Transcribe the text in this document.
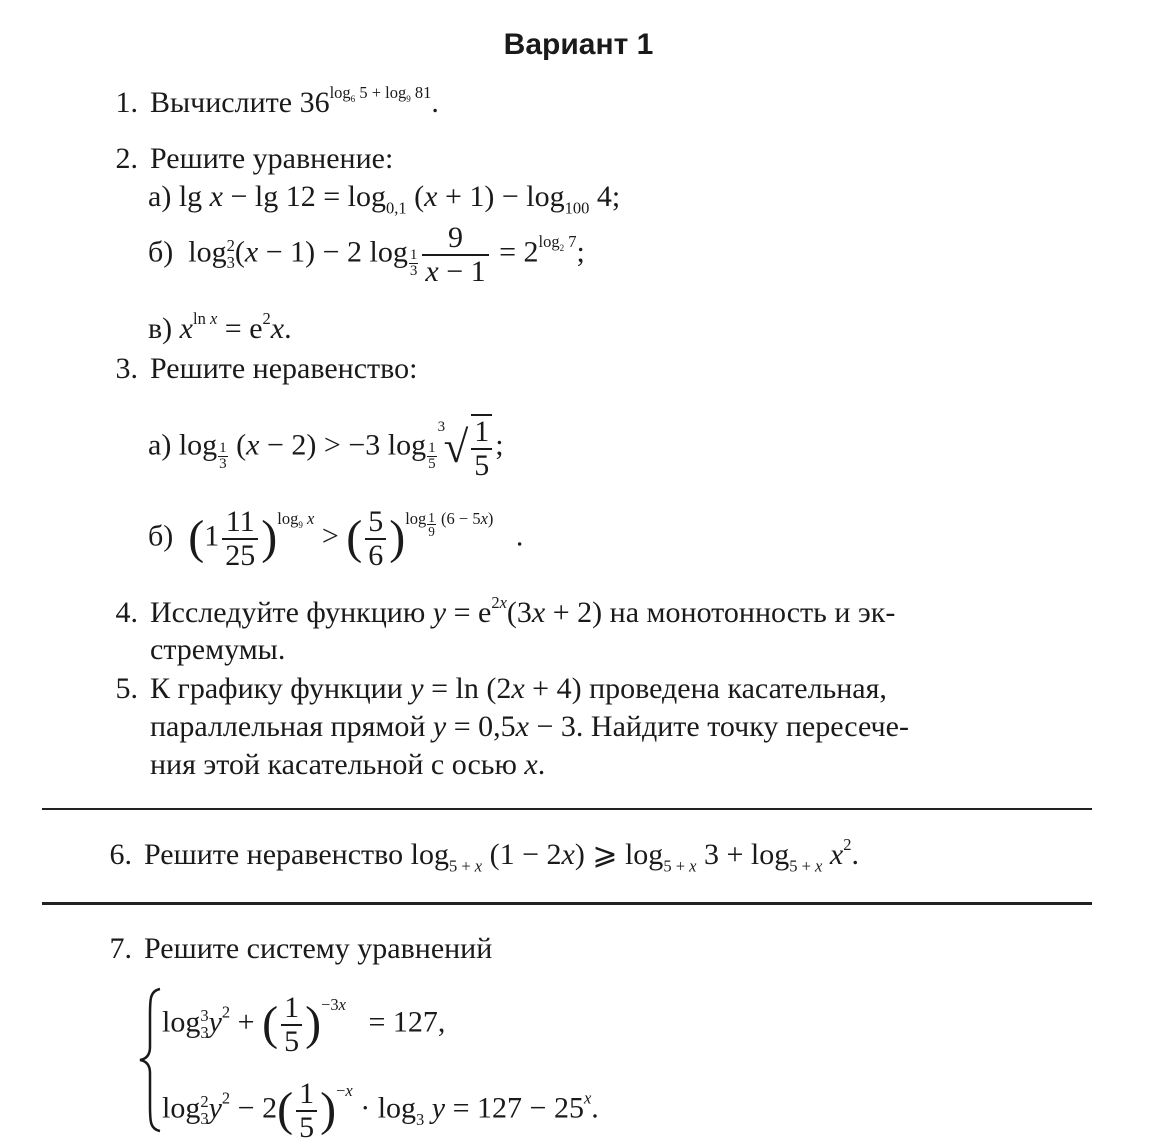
Вариант 1
1. Вычислите $36^{log_6 5 + log_9 81}$.
2. Решите уравнение:
а) $\lg x - \lg 12 = \log_{0,1} (x + 1) - \log_{100} 4$;
б) log 2
3 (x − 1) − 2 $\log \frac{1}{3} \frac{9}{x - 1} = 2^{log_2 7}$;
в) $x^{ln x} = e^2x$.
3. Решите неравенство:
а) $\log \frac{1}{3} (x - 2) > -3$ $\log \frac{1}{5}$
3
√ $\frac{1}{5}$ ;
б) $(1 \frac{11}{25} )^{log_9 x}$ > ( $\frac{5}{6} )^{log \frac{1}{9} (6 - 5x)}$   .
4. Исследуйте функцию $y = e^{2x}(3x + 2)$ на монотонность и эк-
стремумы.
5. К графику функции y = ln (2x + 4) проведена касательная,
параллельная прямой y = 0,5x − 3. Найдите точку пересече-
ния этой касательной с осью x.
6. Решите неравенство $\log_{5 + x} (1 - 2x)$ ⩾ $\log_{5 + x} 3 + \log_{5 + x} x^2$.
7. Решите систему уравнений
log 3
3 $y^2$ + ( $\frac{1}{5} )^{-3x} = 127$,
log 2
3 $y^2 - 2( \frac{1}{5} )^{-x} \cdot \log_3 y = 127 - 25^x$.
